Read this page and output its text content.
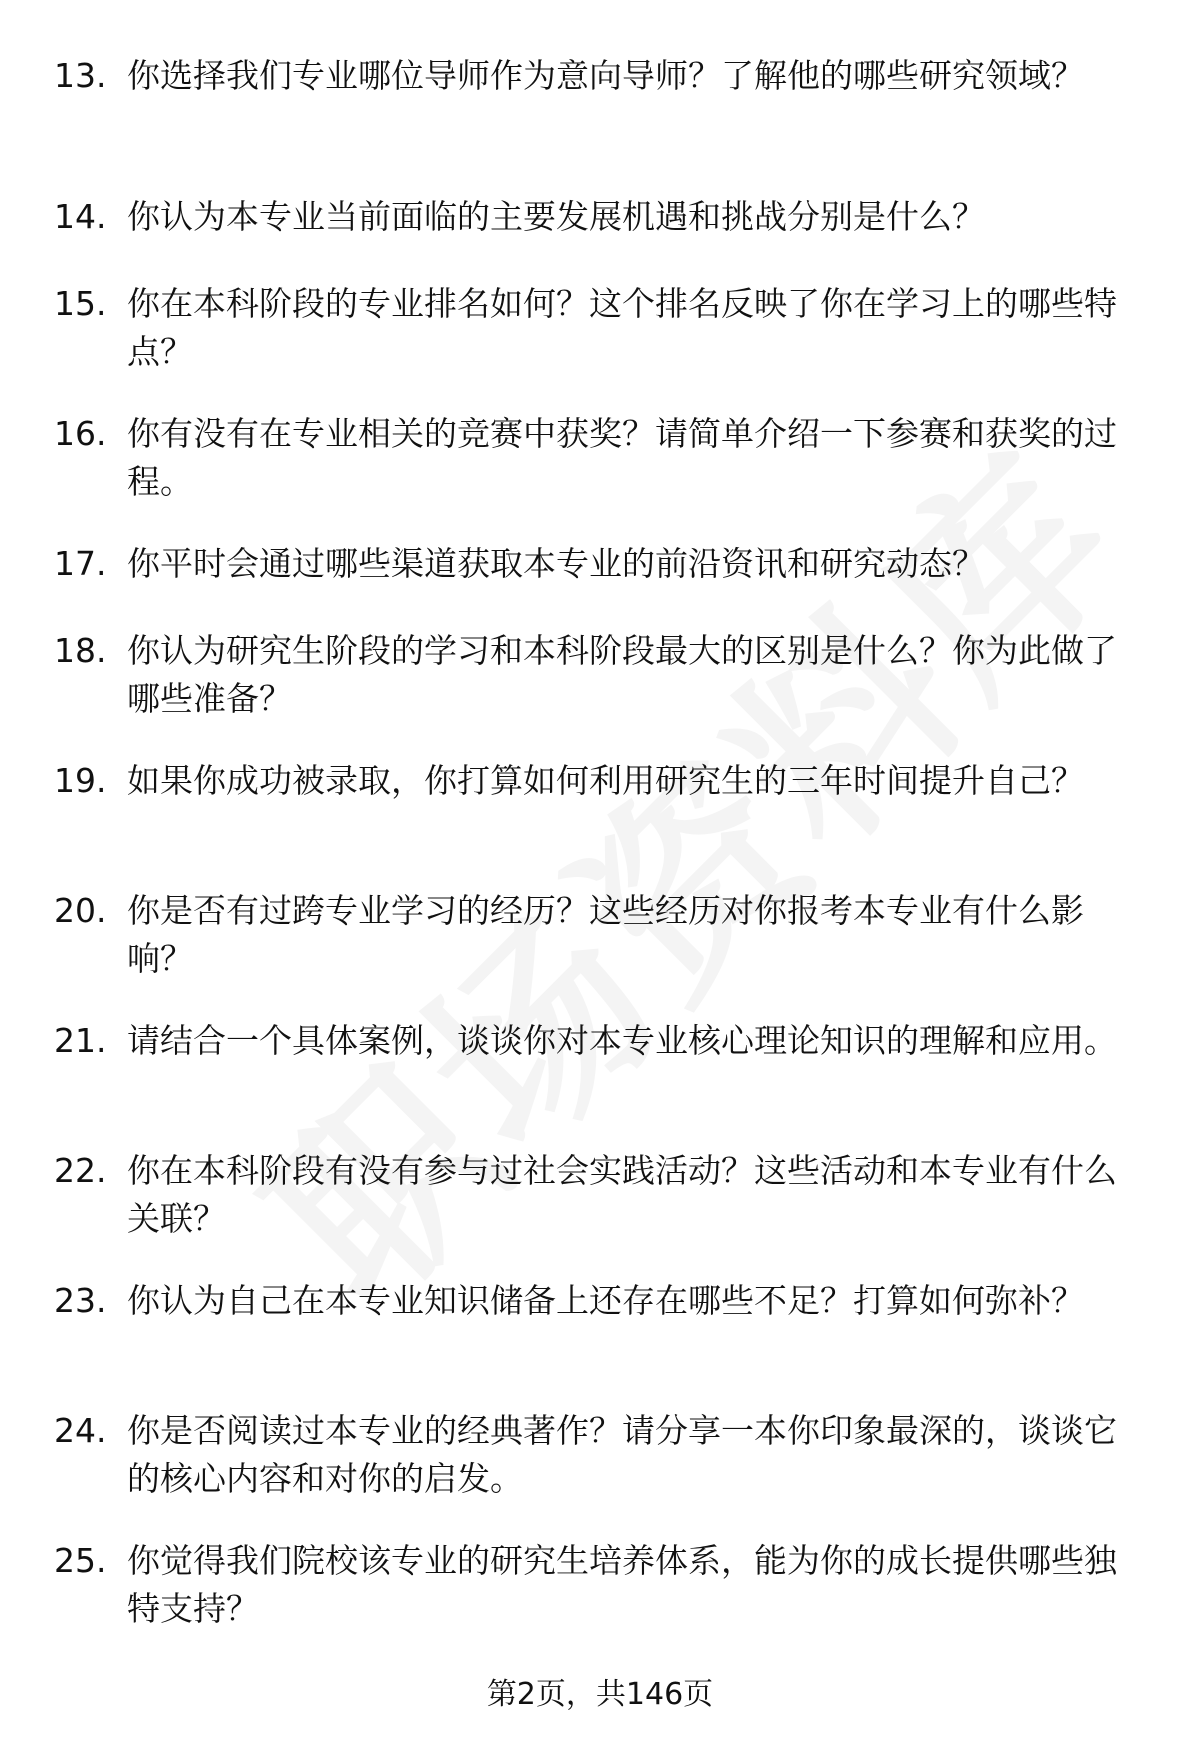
13. 你选择我们专业哪位导师作为意向导师？了解他的哪些研究领域？
14. 你认为本专业当前面临的主要发展机遇和挑战分别是什么？
15. 你在本科阶段的专业排名如何？这个排名反映了你在学习上的哪些特点？
16. 你有没有在专业相关的竞赛中获奖？请简单介绍一下参赛和获奖的过程。
17. 你平时会通过哪些渠道获取本专业的前沿资讯和研究动态？
18. 你认为研究生阶段的学习和本科阶段最大的区别是什么？你为此做了哪些准备？
19. 如果你成功被录取，你打算如何利用研究生的三年时间提升自己？
20. 你是否有过跨专业学习的经历？这些经历对你报考本专业有什么影响？
21. 请结合一个具体案例，谈谈你对本专业核心理论知识的理解和应用。
22. 你在本科阶段有没有参与过社会实践活动？这些活动和本专业有什么关联？
23. 你认为自己在本专业知识储备上还存在哪些不足？打算如何弥补？
24. 你是否阅读过本专业的经典著作？请分享一本你印象最深的，谈谈它的核心内容和对你的启发。
25. 你觉得我们院校该专业的研究生培养体系，能为你的成长提供哪些独特支持？
第2页，共146页
